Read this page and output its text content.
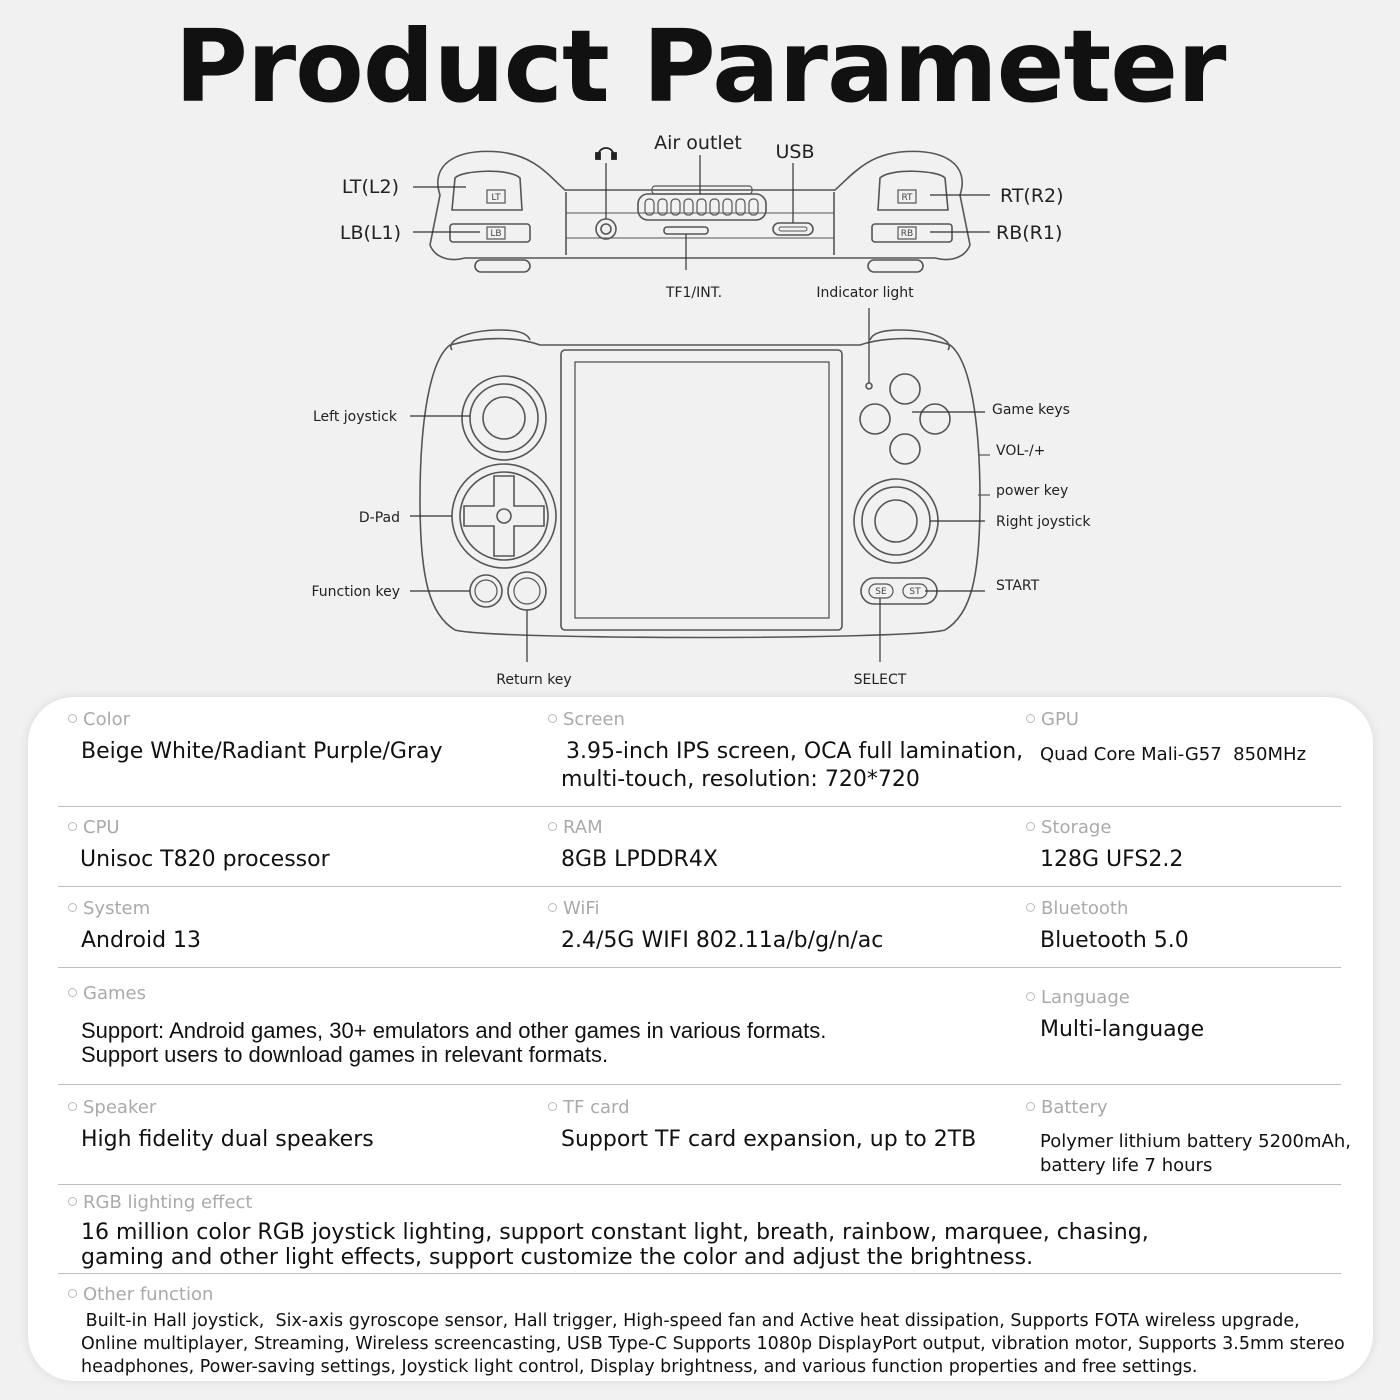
Product Parameter
LT
LB
RT
RB
SE	ST
Air outlet USB
LT(L2)
LB(L1)
RT(R2)
RB(R1)
TF1/INT.	Indicator light
Left joystick
D-Pad
Function key
Return key
Game keys
VOL-/+
power key
Right joystick
START
SELECT
Color
Beige White/Radiant Purple/Gray
Screen
3.95-inch IPS screen, OCA full lamination,
multi-touch, resolution: 720*720
GPU
Quad Core Mali-G57  850MHz
CPU
Unisoc T820 processor
RAM
8GB LPDDR4X
Storage
128G UFS2.2
System
Android 13
WiFi
2.4/5G WIFI 802.11a/b/g/n/ac
Bluetooth
Bluetooth 5.0
Games
Support: Android games, 30+ emulators and other games in various formats.
Support users to download games in relevant formats.
Language
Multi-language
Speaker
High fidelity dual speakers
TF card
Support TF card expansion, up to 2TB
Battery
Polymer lithium battery 5200mAh,
battery life 7 hours
RGB lighting effect
16 million color RGB joystick lighting, support constant light, breath, rainbow, marquee, chasing,
gaming and other light effects, support customize the color and adjust the brightness.
Other function
Built-in Hall joystick,  Six-axis gyroscope sensor, Hall trigger, High-speed fan and Active heat dissipation, Supports FOTA wireless upgrade,
Online multiplayer, Streaming, Wireless screencasting, USB Type-C Supports 1080p DisplayPort output, vibration motor, Supports 3.5mm stereo
headphones, Power-saving settings, Joystick light control, Display brightness, and various function properties and free settings.
